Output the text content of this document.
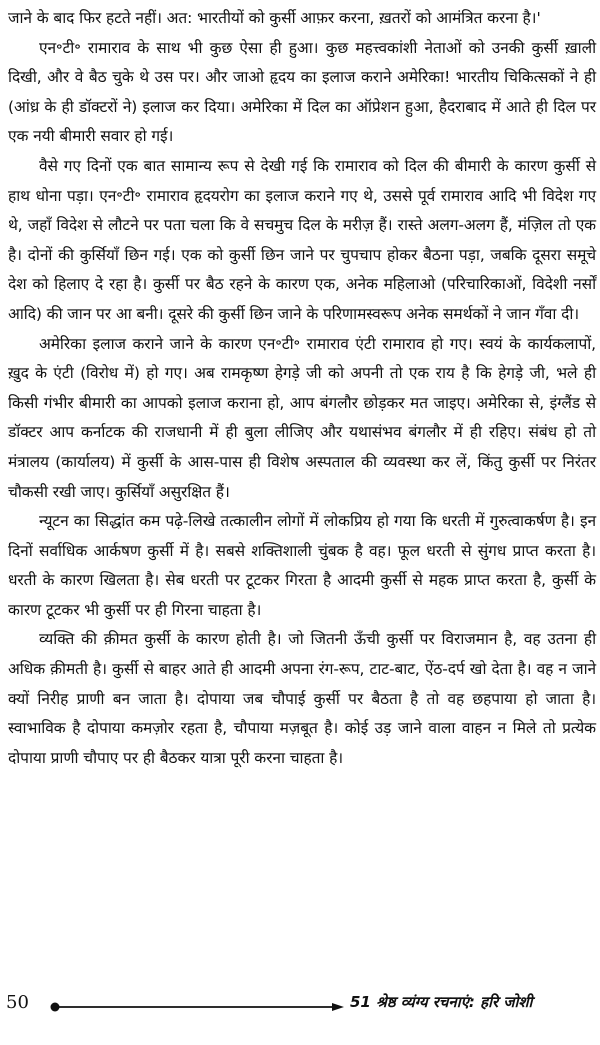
जाने के बाद फिर हटते नहीं। अत: भारतीयों को कुर्सी आफ़र करना, ख़तरों को आमंत्रित करना है।'

एन॰टी॰ रामाराव के साथ भी कुछ ऐसा ही हुआ। कुछ महत्त्वकांशी नेताओं को उनकी कुर्सी ख़ाली दिखी, और वे बैठ चुके थे उस पर। और जाओ हृदय का इलाज कराने अमेरिका! भारतीय चिकित्सकों ने ही (आंध्र के ही डॉक्टरों ने) इलाज कर दिया। अमेरिका में दिल का ऑप्रेशन हुआ, हैदराबाद में आते ही दिल पर एक नयी बीमारी सवार हो गई।

वैसे गए दिनों एक बात सामान्य रूप से देखी गई कि रामाराव को दिल की बीमारी के कारण कुर्सी से हाथ धोना पड़ा। एन॰टी॰ रामाराव हृदयरोग का इलाज कराने गए थे, उससे पूर्व रामाराव आदि भी विदेश गए थे, जहाँ विदेश से लौटने पर पता चला कि वे सचमुच दिल के मरीज़ हैं। रास्ते अलग-अलग हैं, मंज़िल तो एक है। दोनों की कुर्सियाँ छिन गई। एक को कुर्सी छिन जाने पर चुपचाप होकर बैठना पड़ा, जबकि दूसरा समूचे देश को हिलाए दे रहा है। कुर्सी पर बैठ रहने के कारण एक, अनेक महिलाओ (परिचारिकाओं, विदेशी नर्सों आदि) की जान पर आ बनी। दूसरे की कुर्सी छिन जाने के परिणामस्वरूप अनेक समर्थकों ने जान गँवा दी।

अमेरिका इलाज कराने जाने के कारण एन॰टी॰ रामाराव एंटी रामाराव हो गए। स्वयं के कार्यकलापों, ख़ुद के एंटी (विरोध में) हो गए। अब रामकृष्ण हेगड़े जी को अपनी तो एक राय है कि हेगड़े जी, भले ही किसी गंभीर बीमारी का आपको इलाज कराना हो, आप बंगलौर छोड़कर मत जाइए। अमेरिका से, इंग्लैंड से डॉक्टर आप कर्नाटक की राजधानी में ही बुला लीजिए और यथासंभव बंगलौर में ही रहिए। संबंध हो तो मंत्रालय (कार्यालय) में कुर्सी के आस-पास ही विशेष अस्पताल की व्यवस्था कर लें, किंतु कुर्सी पर निरंतर चौकसी रखी जाए। कुर्सियाँ असुरक्षित हैं।

न्यूटन का सिद्धांत कम पढ़े-लिखे तत्कालीन लोगों में लोकप्रिय हो गया कि धरती में गुरुत्वाकर्षण है। इन दिनों सर्वाधिक आर्कषण कुर्सी में है। सबसे शक्तिशाली चुंबक है वह। फूल धरती से सुंगध प्राप्त करता है। धरती के कारण खिलता है। सेब धरती पर टूटकर गिरता है आदमी कुर्सी से महक प्राप्त करता है, कुर्सी के कारण टूटकर भी कुर्सी पर ही गिरना चाहता है।

व्यक्ति की क़ीमत कुर्सी के कारण होती है। जो जितनी ऊँची कुर्सी पर विराजमान है, वह उतना ही अधिक क़ीमती है। कुर्सी से बाहर आते ही आदमी अपना रंग-रूप, टाट-बाट, ऐंठ-दर्प खो देता है। वह न जाने क्यों निरीह प्राणी बन जाता है। दोपाया जब चौपाई कुर्सी पर बैठता है तो वह छहपाया हो जाता है। स्वाभाविक है दोपाया कमज़ोर रहता है, चौपाया मज़बूत है। कोई उड़ जाने वाला वाहन न मिले तो प्रत्येक दोपाया प्राणी चौपाए पर ही बैठकर यात्रा पूरी करना चाहता है।

50	51 श्रेष्ठ व्यंग्य रचनाएं: हरि जोशी
